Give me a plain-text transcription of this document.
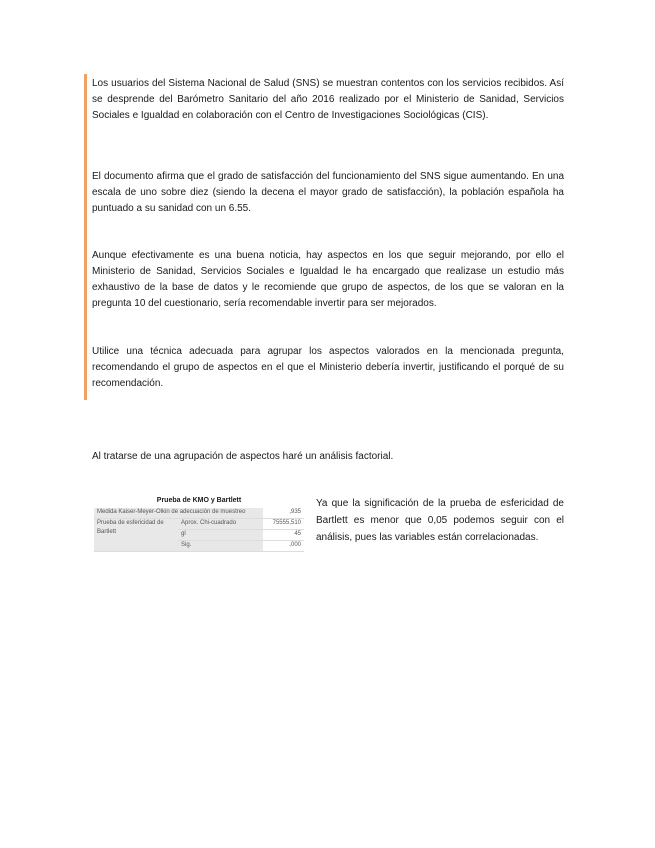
Los usuarios del Sistema Nacional de Salud (SNS) se muestran contentos con los servicios recibidos. Así se desprende del Barómetro Sanitario del año 2016 realizado por el Ministerio de Sanidad, Servicios Sociales e Igualdad en colaboración con el Centro de Investigaciones Sociológicas (CIS).

El documento afirma que el grado de satisfacción del funcionamiento del SNS sigue aumentando. En una escala de uno sobre diez (siendo la decena el mayor grado de satisfacción), la población española ha puntuado a su sanidad con un 6.55.

Aunque efectivamente es una buena noticia, hay aspectos en los que seguir mejorando, por ello el Ministerio de Sanidad, Servicios Sociales e Igualdad le ha encargado que realizase un estudio más exhaustivo de la base de datos y le recomiende que grupo de aspectos, de los que se valoran en la pregunta 10 del cuestionario, sería recomendable invertir para ser mejorados.

Utilice una técnica adecuada para agrupar los aspectos valorados en la mencionada pregunta, recomendando el grupo de aspectos en el que el Ministerio debería invertir, justificando el porqué de su recomendación.

Al tratarse de una agrupación de aspectos haré un análisis factorial.

Prueba de KMO y Bartlett
Medida Kaiser-Meyer-Olkin de adecuación de muestreo		,935
Prueba de esfericidad de Bartlett	Aprox. Chi-cuadrado	75555,510
	gl	45
	Sig.	,000

Ya que la significación de la prueba de esfericidad de Bartlett es menor que 0,05 podemos seguir con el análisis, pues las variables están correlacionadas.
